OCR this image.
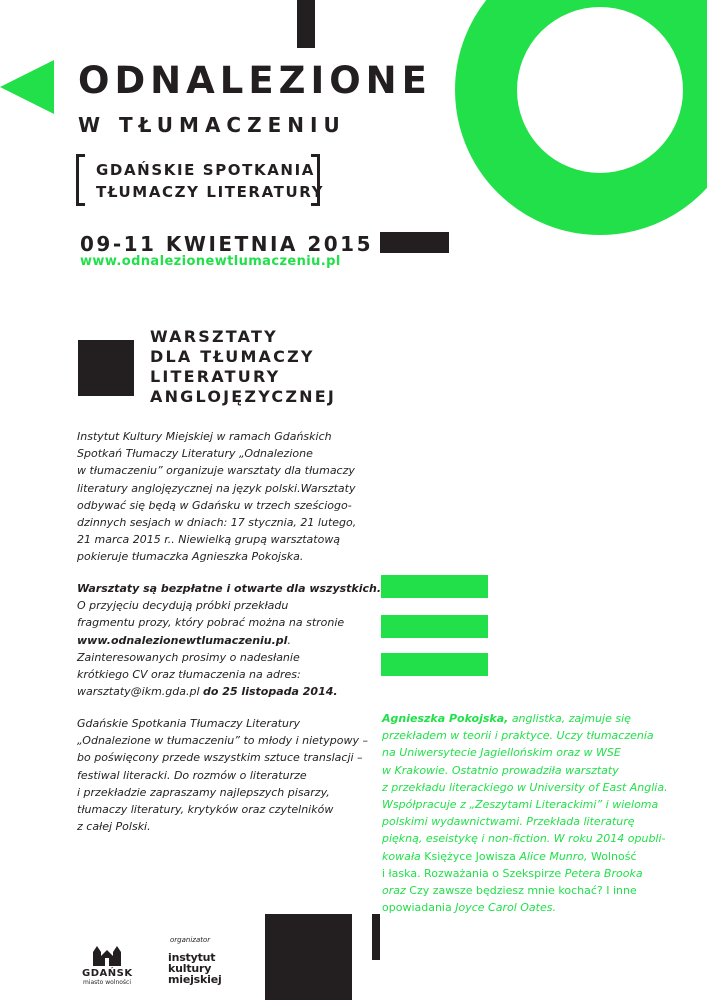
ODNALEZIONE
W TŁUMACZENIU
GDAŃSKIE SPOTKANIA
TŁUMACZY LITERATURY
09-11 KWIETNIA 2015
www.odnalezionewtlumaczeniu.pl
WARSZTATY
DLA TŁUMACZY
LITERATURY
ANGLOJĘZYCZNEJ
Instytut Kultury Miejskiej w ramach Gdańskich
Spotkań Tłumaczy Literatury „Odnalezione
w tłumaczeniu” organizuje warsztaty dla tłumaczy
literatury anglojęzycznej na język polski.Warsztaty
odbywać się będą w Gdańsku w trzech sześciogo-
dzinnych sesjach w dniach: 17 stycznia, 21 lutego,
21 marca 2015 r.. Niewielką grupą warsztatową
pokieruje tłumaczka Agnieszka Pokojska.
Warsztaty są bezpłatne i otwarte dla wszystkich.
O przyjęciu decydują próbki przekładu
fragmentu prozy, który pobrać można na stronie
www.odnalezionewtlumaczeniu.pl.
Zainteresowanych prosimy o nadesłanie
krótkiego CV oraz tłumaczenia na adres:
warsztaty@ikm.gda.pl do 25 listopada 2014.
Gdańskie Spotkania Tłumaczy Literatury
„Odnalezione w tłumaczeniu” to młody i nietypowy –
bo poświęcony przede wszystkim sztuce translacji –
festiwal literacki. Do rozmów o literaturze
i przekładzie zapraszamy najlepszych pisarzy,
tłumaczy literatury, krytyków oraz czytelników
z całej Polski.
Agnieszka Pokojska, anglistka, zajmuje się
przekładem w teorii i praktyce. Uczy tłumaczenia
na Uniwersytecie Jagiellońskim oraz w WSE
w Krakowie. Ostatnio prowadziła warsztaty
z przekładu literackiego w University of East Anglia.
Współpracuje z „Zeszytami Literackimi” i wieloma
polskimi wydawnictwami. Przekłada literaturę
piękną, eseistykę i non-fiction. W roku 2014 opubli-
kowała Księżyce Jowisza Alice Munro, Wolność
i łaska. Rozważania o Szekspirze Petera Brooka
oraz Czy zawsze będziesz mnie kochać? I inne
opowiadania Joyce Carol Oates.
GDAŃSK
miasto wolności
organizator
instytut
kultury
miejskiej
